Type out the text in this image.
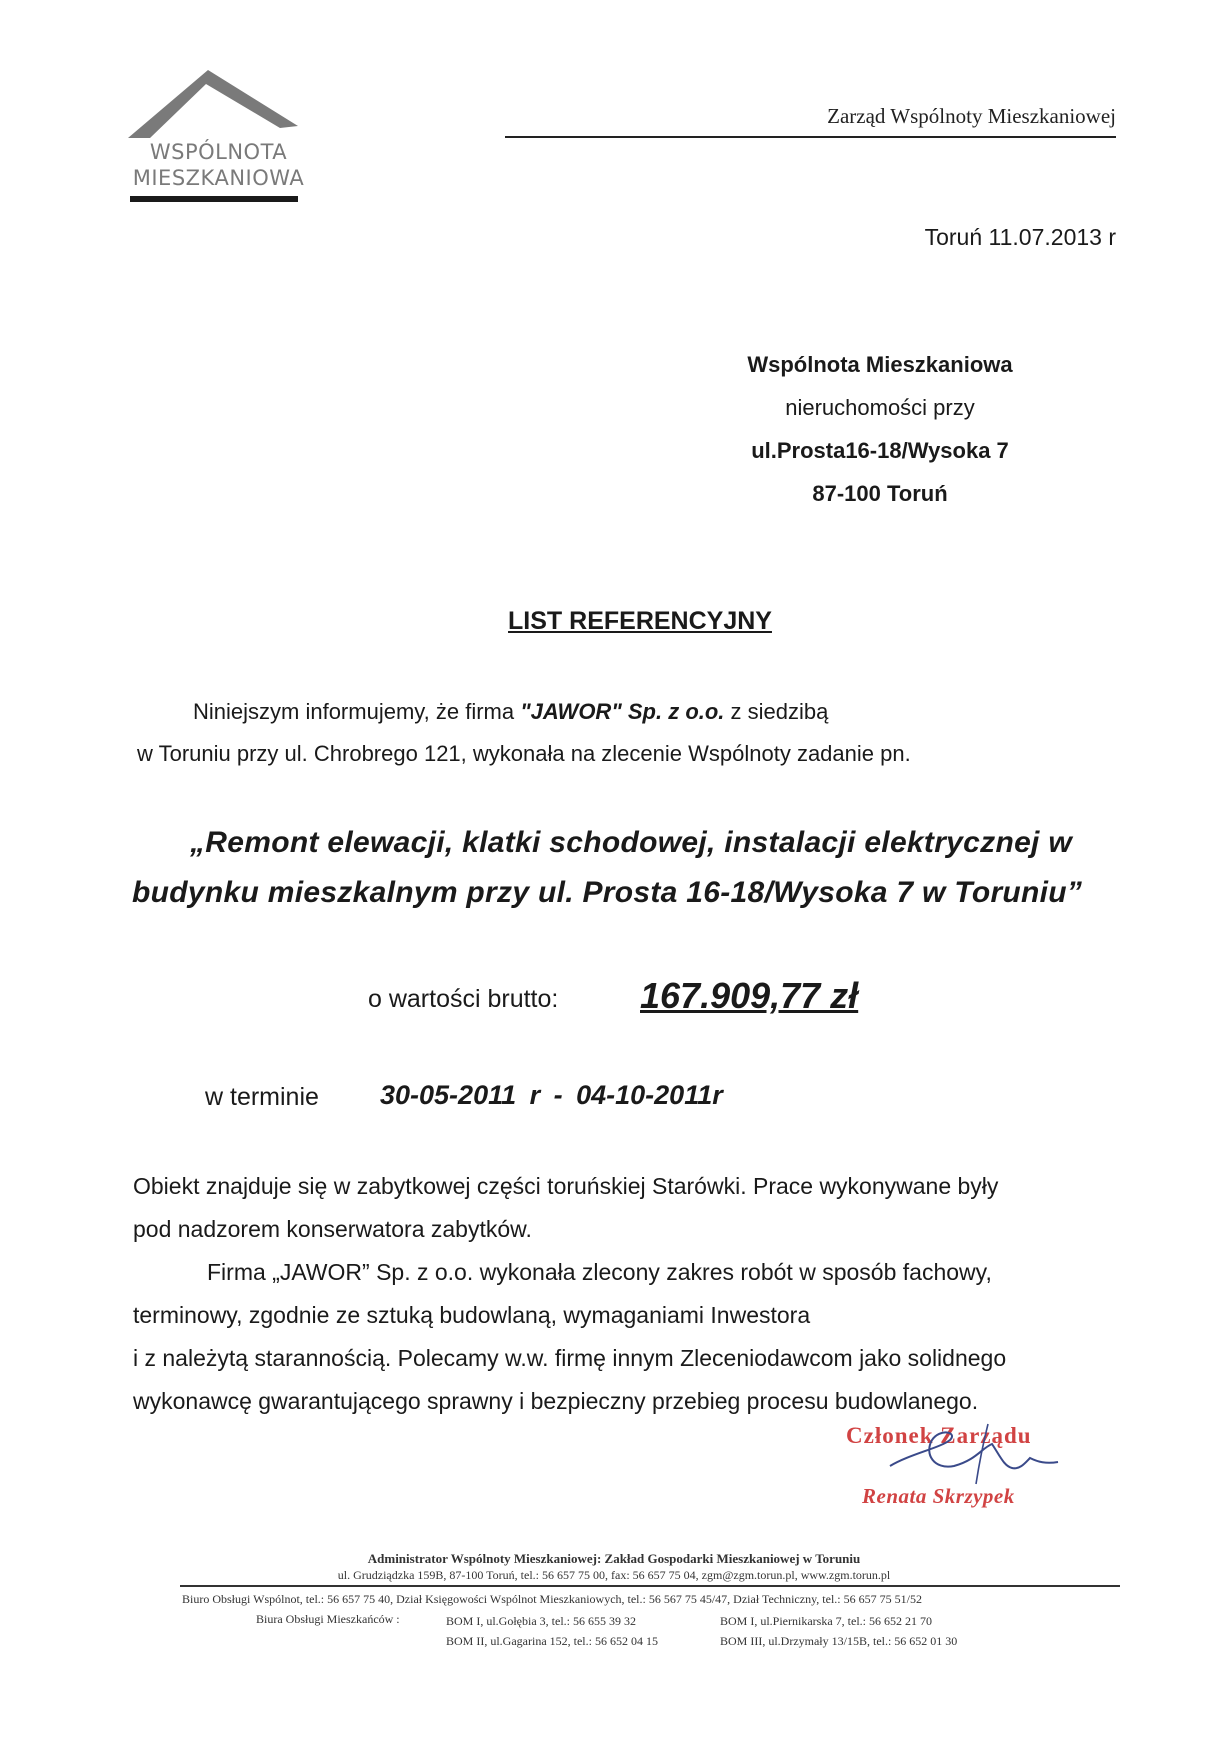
WSPÓLNOTA
MIESZKANIOWA
Zarząd Wspólnoty Mieszkaniowej
Toruń 11.07.2013 r
Wspólnota Mieszkaniowa
nieruchomości przy
ul.Prosta16-18/Wysoka 7
87-100 Toruń
LIST REFERENCYJNY
Niniejszym informujemy, że firma "JAWOR" Sp. z o.o. z siedzibą
w Toruniu przy ul. Chrobrego 121, wykonała na zlecenie Wspólnoty zadanie pn.
„Remont elewacji, klatki schodowej, instalacji elektrycznej w
budynku mieszkalnym przy ul. Prosta 16-18/Wysoka 7 w Toruniu”
o wartości brutto: 167.909,77 zł
w terminie 30-05-2011 r - 04-10-2011r
Obiekt znajduje się w zabytkowej części toruńskiej Starówki. Prace wykonywane były
pod nadzorem konserwatora zabytków.
Firma „JAWOR” Sp. z o.o. wykonała zlecony zakres robót w sposób fachowy,
terminowy, zgodnie ze sztuką budowlaną, wymaganiami Inwestora
i z należytą starannością. Polecamy w.w. firmę innym Zleceniodawcom jako solidnego
wykonawcę gwarantującego sprawny i bezpieczny przebieg procesu budowlanego.
Członek Zarządu
Renata Skrzypek
Administrator Wspólnoty Mieszkaniowej: Zakład Gospodarki Mieszkaniowej w Toruniu
ul. Grudziądzka 159B, 87-100 Toruń, tel.: 56 657 75 00, fax: 56 657 75 04, zgm@zgm.torun.pl, www.zgm.torun.pl
Biuro Obsługi Wspólnot, tel.: 56 657 75 40, Dział Księgowości Wspólnot Mieszkaniowych, tel.: 56 567 75 45/47, Dział Techniczny, tel.: 56 657 75 51/52
Biura Obsługi Mieszkańców :	BOM I, ul.Gołębia 3, tel.: 56 655 39 32	BOM I, ul.Piernikarska 7, tel.: 56 652 21 70
BOM II, ul.Gagarina 152, tel.: 56 652 04 15	BOM III, ul.Drzymały 13/15B, tel.: 56 652 01 30
